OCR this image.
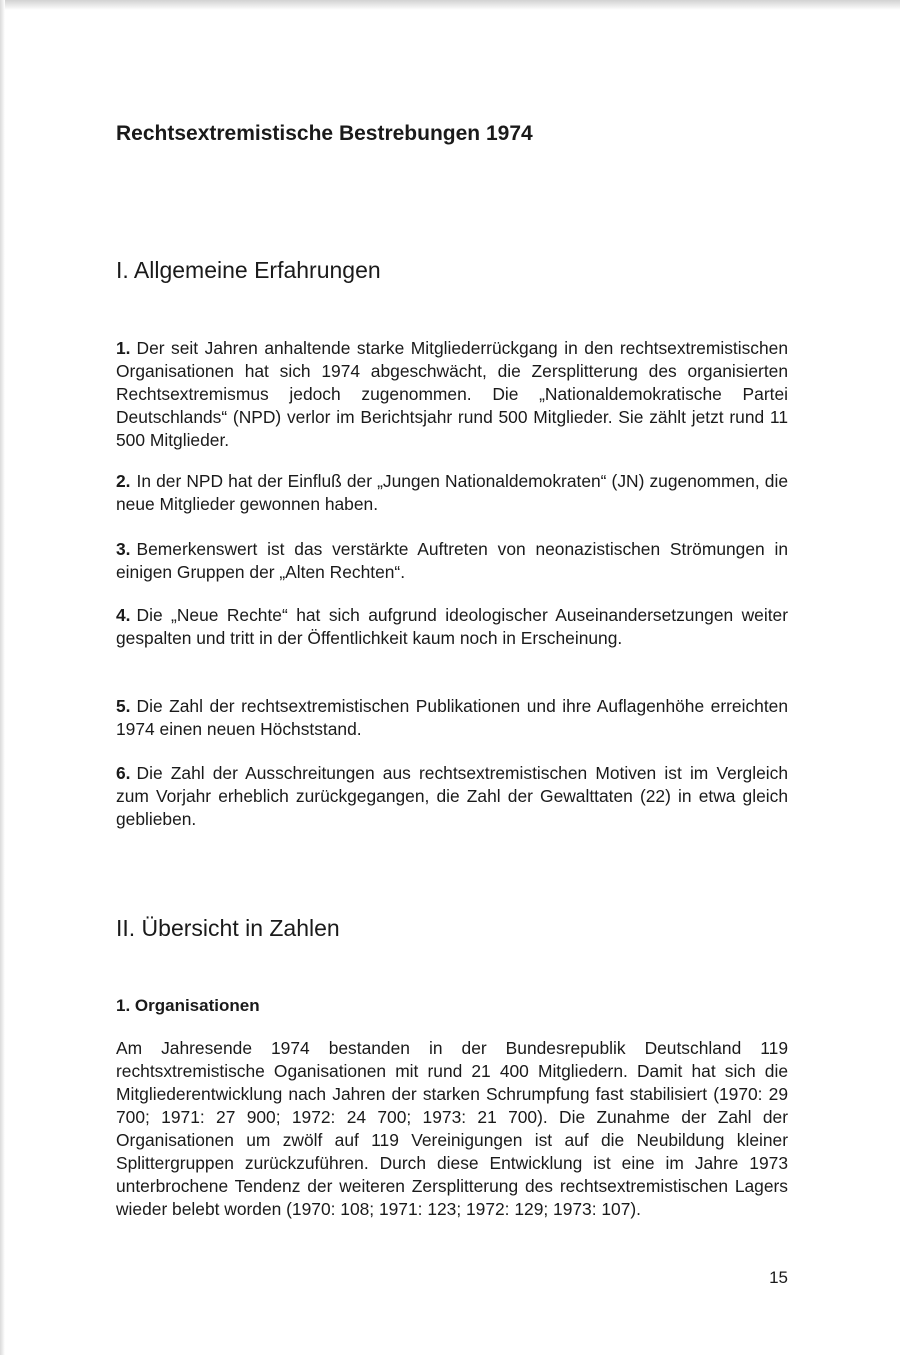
Rechtsextremistische Bestrebungen 1974
I. Allgemeine Erfahrungen

1. Der seit Jahren anhaltende starke Mitgliederrückgang in den rechtsextremistischen Organisationen hat sich 1974 abgeschwächt, die Zersplitterung des organisierten Rechtsextremismus jedoch zugenommen. Die „Nationaldemokratische Partei Deutschlands“ (NPD) verlor im Berichtsjahr rund 500 Mitglieder. Sie zählt jetzt rund 11 500 Mitglieder.

2. In der NPD hat der Einfluß der „Jungen Nationaldemokraten“ (JN) zugenommen, die neue Mitglieder gewonnen haben.

3. Bemerkenswert ist das verstärkte Auftreten von neonazistischen Strömungen in einigen Gruppen der „Alten Rechten“.

4. Die „Neue Rechte“ hat sich aufgrund ideologischer Auseinandersetzungen weiter gespalten und tritt in der Öffentlichkeit kaum noch in Erscheinung.

5. Die Zahl der rechtsextremistischen Publikationen und ihre Auflagenhöhe erreichten 1974 einen neuen Höchststand.

6. Die Zahl der Ausschreitungen aus rechtsextremistischen Motiven ist im Vergleich zum Vorjahr erheblich zurückgegangen, die Zahl der Gewalttaten (22) in etwa gleich geblieben.

II. Übersicht in Zahlen
1. Organisationen

Am Jahresende 1974 bestanden in der Bundesrepublik Deutschland 119 rechtsxtremistische Oganisationen mit rund 21 400 Mitgliedern. Damit hat sich die Mitgliederentwicklung nach Jahren der starken Schrumpfung fast stabilisiert (1970: 29 700; 1971: 27 900; 1972: 24 700; 1973: 21 700). Die Zunahme der Zahl der Organisationen um zwölf auf 119 Vereinigungen ist auf die Neubildung kleiner Splittergruppen zurückzuführen. Durch diese Entwicklung ist eine im Jahre 1973 unterbrochene Tendenz der weiteren Zersplitterung des rechtsextremistischen Lagers wieder belebt worden (1970: 108; 1971: 123; 1972: 129; 1973: 107).

15
